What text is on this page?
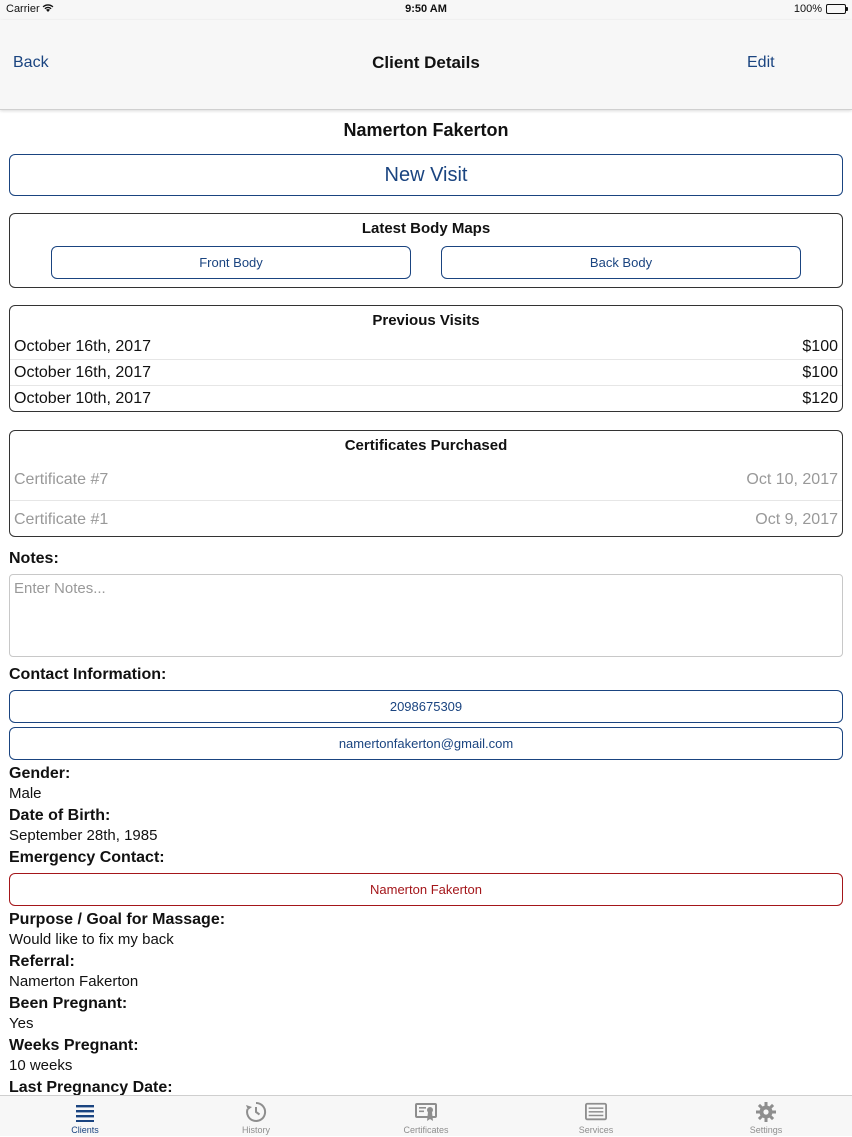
Carrier	9:50 AM	100%
Back	Client Details	Edit
Namerton Fakerton
New Visit
Latest Body Maps
Front Body	Back Body
Previous Visits
October 16th, 2017	$100
October 16th, 2017	$100
October 10th, 2017	$120
Certificates Purchased
Certificate #7	Oct 10, 2017
Certificate #1	Oct 9, 2017
Notes:
Enter Notes...
Contact Information:
2098675309
namertonfakerton@gmail.com
Gender:
Male
Date of Birth:
September 28th, 1985
Emergency Contact:
Namerton Fakerton
Purpose / Goal for Massage:
Would like to fix my back
Referral:
Namerton Fakerton
Been Pregnant:
Yes
Weeks Pregnant:
10 weeks
Last Pregnancy Date:
Clients	History	Certificates	Services	Settings
